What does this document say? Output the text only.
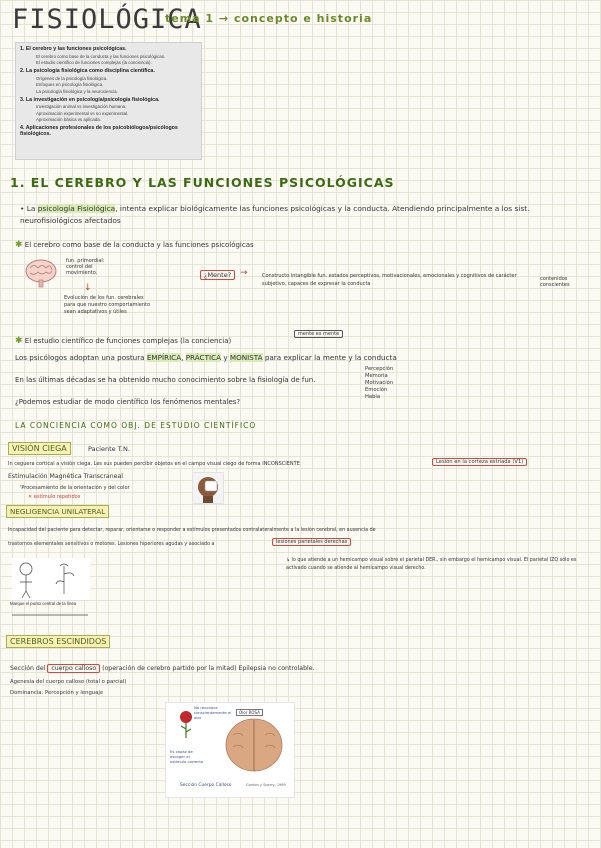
FISIOLÓGICA
tema 1 → concepto e historia
1. El cerebro y las funciones psicológicas.
El cerebro como base de la conducta y las funciones psicológicas.
El estudio científico de funciones complejas (la conciencia).
2. La psicología fisiológica como disciplina científica.
Orígenes de la psicología fisiológica.
Enfoques en psicología fisiológica.
La psicología fisiológica y la neurociencia.
3. La investigación en psicología/psicología fisiológica.
Investigación animal vs investigación humana.
Aproximación experimental vs no experimental.
Aproximación básica vs aplicada.
4. Aplicaciones profesionales de los psicobiólogos/psicólogos fisiológicos.
1. EL CEREBRO Y LAS FUNCIONES PSICOLÓGICAS
• La psicología Fisiológica, intenta explicar biológicamente las funciones psicológicas y la conducta. Atendiendo principalmente a los sist. neurofisiológicos afectados
✱ El cerebro como base de la conducta y las funciones psicológicas
fun. primordial: control del movimiento.
↓
Evolución de los fun. cerebrales para que nuestro comportamiento sean adaptativos y útiles
¿Mente? →	Constructo intangible fun. estados perceptivos, motivacionales, emocionales y cognitivos de carácter subjetivo, capaces de expresar la conducta
contenidos conscientes
mente es mente
✱ El estudio científico de funciones complejas (la conciencia)
Los psicólogos adoptan una postura EMPÍRICA, PRÁCTICA y MONISTA para explicar la mente y la conducta
En las últimas décadas se ha obtenido mucho conocimiento sobre la fisiología de fun.
Percepción
Memoria
Motivación
Emoción
Habla
¿Podemos estudiar de modo científico los fenómenos mentales?
LA CONCIENCIA COMO OBJ. DE ESTUDIO CIENTÍFICO
VISIÓN CIEGA	Paciente T.N.
In ceguera cortical a visión ciega. Les sus pueden percibir objetos en el campo visual ciego de forma INCONSCIENTE	Lesión en la corteza estriada (V1)
Estimulación Magnética Transcraneal
'Procesamiento de la orientación y del color
✕ estímulo repetidos
NEGLIGENCIA UNILATERAL
Incapacidad del paciente para detectar, reparar, orientarse o responder a estímulos presentados contralateralmente a la lesión cerebral, en ausencia de
trastornos elementales sensitivos o motores. Lesiones hiperiores agudas y asociado a	lesiones parietales derechas
↳ lo que atiende a un hemicampo visual sobre el parietal DER., sin embargo el hemicampo visual. El parietal IZQ sólo es activado cuando se atiende al hemicampo visual derecho.
Marque el punto central de la línea
CEREBROS ESCINDIDOS
Sección del cuerpo calloso (operación de cerebro partido por la mitad) Epilepsia no controlable.
Agenesia del cuerpo calloso (total o parcial)
Dominancia: Percepción y lenguaje
No reconoce conscientemente el olor
Olor ROSA
Es capaz de escoger el estímulo correcto
Sección Cuerpo Calloso	Gordon y Sperry, 1969
